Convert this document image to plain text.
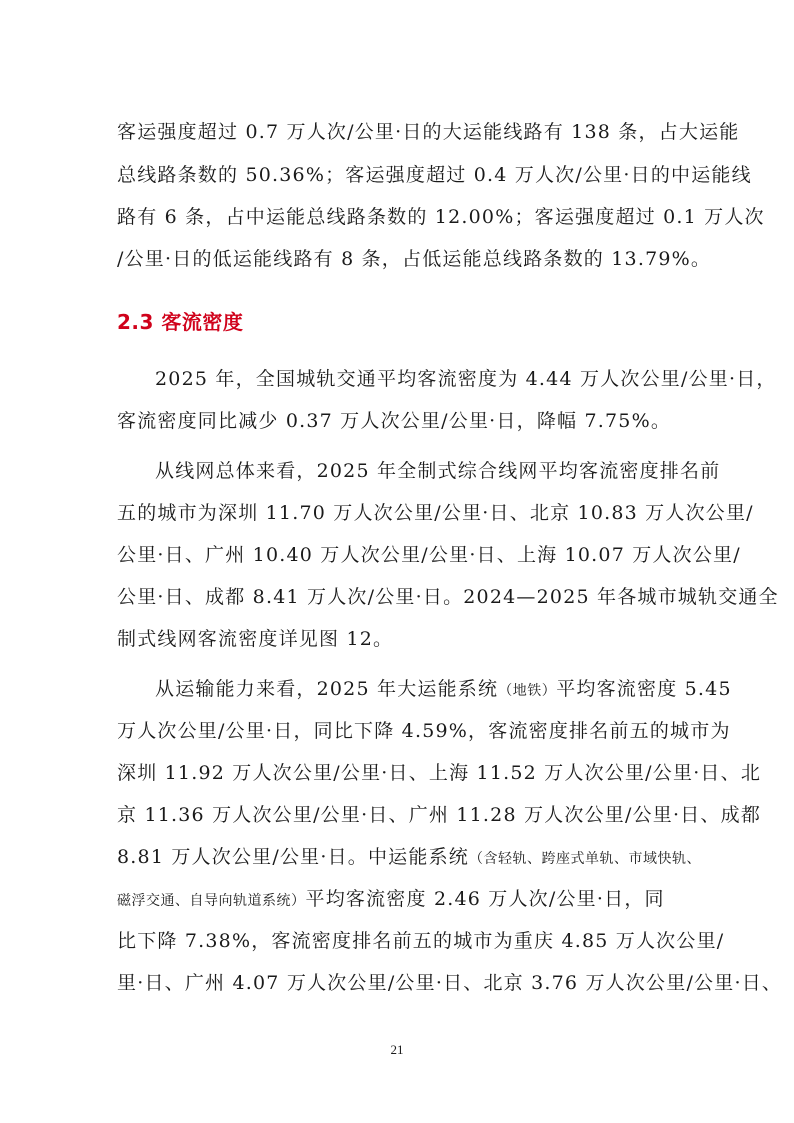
客运强度超过 0.7 万人次/公里·日的大运能线路有 138 条，占大运能
总线路条数的 50.36%；客运强度超过 0.4 万人次/公里·日的中运能线
路有 6 条，占中运能总线路条数的 12.00%；客运强度超过 0.1 万人次
/公里·日的低运能线路有 8 条，占低运能总线路条数的 13.79%。
2.3 客流密度
2025 年，全国城轨交通平均客流密度为 4.44 万人次公里/公里·日，
客流密度同比减少 0.37 万人次公里/公里·日，降幅 7.75%。
从线网总体来看，2025 年全制式综合线网平均客流密度排名前
五的城市为深圳 11.70 万人次公里/公里·日、北京 10.83 万人次公里/
公里·日、广州 10.40 万人次公里/公里·日、上海 10.07 万人次公里/
公里·日、成都 8.41 万人次/公里·日。2024—2025 年各城市城轨交通全
制式线网客流密度详见图 12。
从运输能力来看，2025 年大运能系统（地铁）平均客流密度 5.45
万人次公里/公里·日，同比下降 4.59%，客流密度排名前五的城市为
深圳 11.92 万人次公里/公里·日、上海 11.52 万人次公里/公里·日、北
京 11.36 万人次公里/公里·日、广州 11.28 万人次公里/公里·日、成都
8.81 万人次公里/公里·日。中运能系统（含轻轨、跨座式单轨、市域快轨、
磁浮交通、自导向轨道系统）平均客流密度 2.46 万人次/公里·日，同
比下降 7.38%，客流密度排名前五的城市为重庆 4.85 万人次公里/
里·日、广州 4.07 万人次公里/公里·日、北京 3.76 万人次公里/公里·日、
21
